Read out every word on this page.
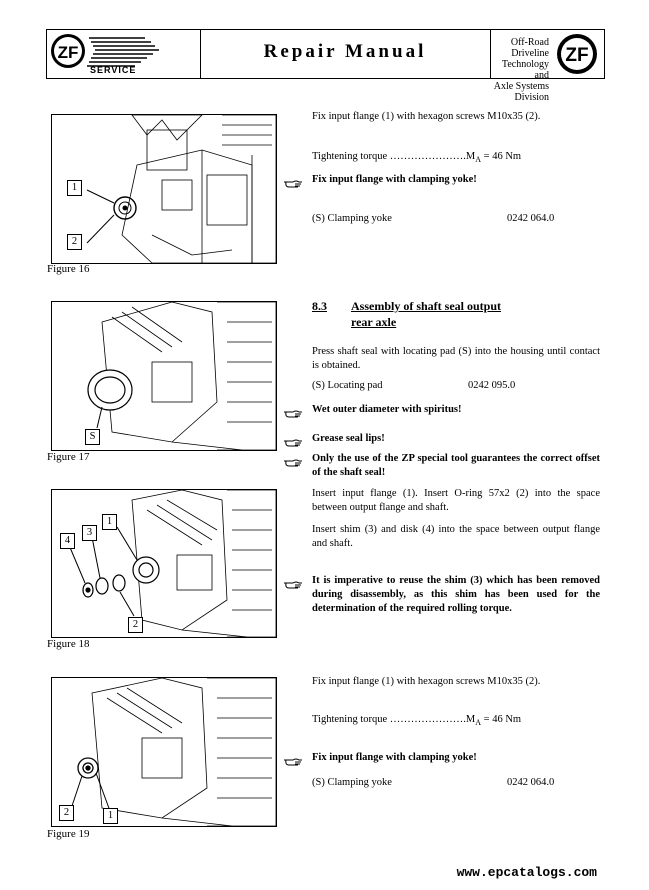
ZF
SERVICE
Repair Manual	Off-Road Driveline
Technology and
Axle Systems Division
ZF
1
2
Figure 16
Fix input flange (1) with hexagon screws M10x35 (2).
Tightening torque $\dots\dots\dots\dots\dots\dots\dots.M_A = 46$ Nm
Fix input flange with clamping yoke!
(S) Clamping yoke	0242 064.0
S
Figure 17
8.3 Assembly of shaft seal output
rear axle
Press shaft seal with locating pad (S) into the housing until contact is obtained.
(S) Locating pad	0242 095.0
Wet outer diameter with spiritus!
Grease seal lips!
Only the use of the ZP special tool guarantees the correct offset of the shaft seal!
1
3
4
2
Figure 18
Insert input flange (1). Insert O-ring 57x2 (2) into the space between output flange and shaft.
Insert shim (3) and disk (4) into the space between output flange and shaft.
It is imperative to reuse the shim (3) which has been removed during disassembly, as this shim has been used for the determination of the required rolling torque.
2	1
Figure 19
Fix input flange (1) with hexagon screws M10x35 (2).
Tightening torque $\dots\dots\dots\dots\dots\dots\dots.M_A = 46$ Nm
Fix input flange with clamping yoke!
(S) Clamping yoke	0242 064.0
www.epcatalogs.com
